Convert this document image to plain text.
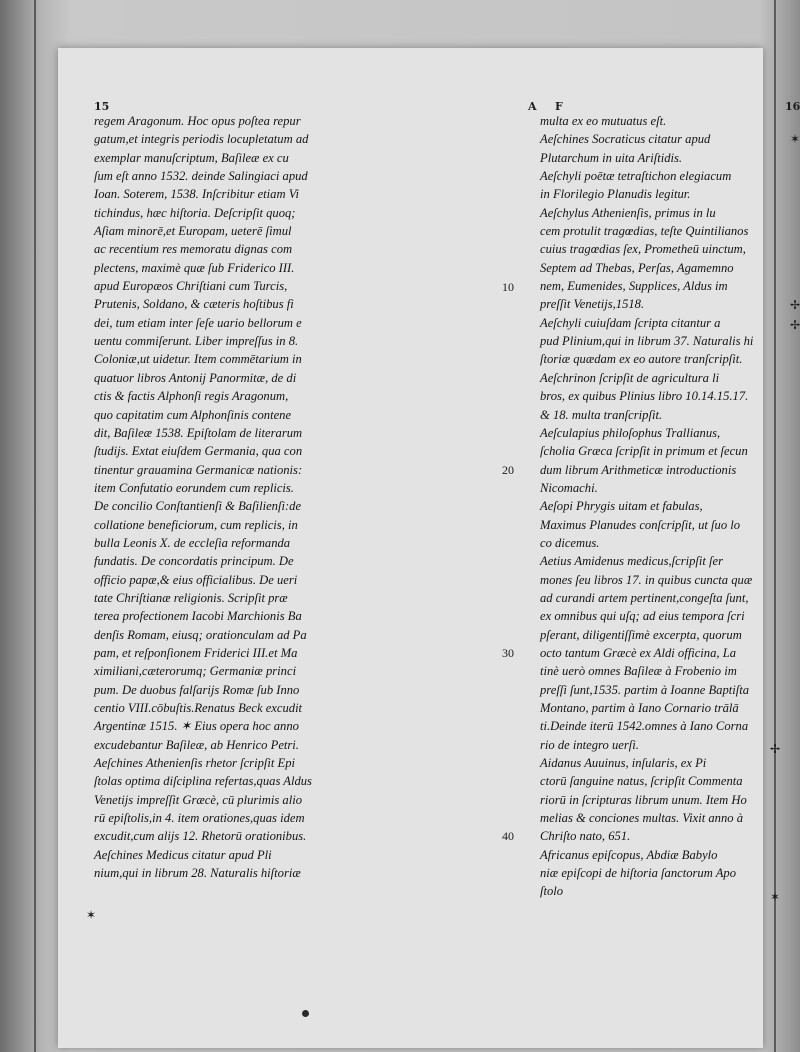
15	A F	16
regem Aragonum. Hoc opus poſtea repur
gatum,et integris periodis locupletatum ad
exemplar manuſcriptum, Baſileæ ex cu
ſum eſt anno 1532. deinde Salingiaci apud
Ioan. Soterem, 1538. Inſcribitur etiam Vi
tichindus, hæc hiſtoria. Deſcripſit quoq;
Aſiam minorē,et Europam, ueterē ſimul
ac recentium res memoratu dignas com
plectens, maximè quæ ſub Friderico III.
apud Europæos Chriſtiani cum Turcis,
Prutenis, Soldano, & cæteris hoſtibus fi
dei, tum etiam inter ſeſe uario bellorum e
uentu commiſerunt. Liber impreſſus in 8.
Coloniæ,ut uidetur. Item commētarium in
quatuor libros Antonij Panormitæ, de di
ctis & factis Alphonſi regis Aragonum,
quo capitatim cum Alphonſinis contene
dit, Baſileæ 1538. Epiſtolam de literarum
ſtudijs. Extat eiuſdem Germania, qua con
tinentur grauamina Germanicæ nationis:
item Confutatio eorundem cum replicis.
De concilio Conſtantienſi & Baſilienſi:de
collatione beneficiorum, cum replicis, in
bulla Leonis X. de eccleſia reformanda
fundatis. De concordatis principum. De
officio papæ,& eius officialibus. De ueri
tate Chriſtianæ religionis. Scripſit præ
terea profectionem Iacobi Marchionis Ba
denſis Romam, eiusq; orationculam ad Pa
pam, et reſponſionem Friderici III.et Ma
ximiliani,cæterorumq; Germaniæ princi
pum. De duobus falſarijs Romæ ſub Inno
centio VIII.cōbuſtis.Renatus Beck excudit
Argentinæ 1515. ✶ Eius opera hoc anno
excudebantur Baſileæ, ab Henrico Petri.
Aeſchines Athenienſis rhetor ſcripſit Epi
ſtolas optima diſciplina refertas,quas Aldus
Venetijs impreſſit Græcè, cū plurimis alio
rū epiſtolis,in 4. item orationes,quas idem
excudit,cum alijs 12. Rhetorū orationibus.
Aeſchines Medicus citatur apud Pli
nium,qui in librum 28. Naturalis hiſtoriæ
multa ex eo mutuatus eſt.
Aeſchines Socraticus citatur apud
Plutarchum in uita Ariſtidis.
Aeſchyli poētæ tetraſtichon elegiacum
in Florilegio Planudis legitur.
Aeſchylus Athenienſis, primus in lu
cem protulit tragœdias, teſte Quintilianos
cuius tragœdias ſex, Prometheū uinctum,
Septem ad Thebas, Perſas, Agamemno
nem, Eumenides, Supplices, Aldus im
preſſit Venetijs,1518.
Aeſchyli cuiuſdam ſcripta citantur a
pud Plinium,qui in librum 37. Naturalis hi
ſtoriæ quædam ex eo autore tranſcripſit.
Aeſchrinon ſcripſit de agricultura li
bros, ex quibus Plinius libro 10.14.15.17.
& 18. multa tranſcripſit.
Aeſculapius philoſophus Trallianus,
ſcholia Græca ſcripſit in primum et ſecun
dum librum Arithmeticæ introductionis
Nicomachi.
Aeſopi Phrygis uitam et fabulas,
Maximus Planudes conſcripſit, ut ſuo lo
co dicemus.
Aetius Amidenus medicus,ſcripſit ſer
mones ſeu libros 17. in quibus cuncta quæ
ad curandi artem pertinent,congeſta ſunt,
ex omnibus qui uſq; ad eius tempora ſcri
pſerant, diligentiſſimè excerpta, quorum
octo tantum Græcè ex Aldi officina, La
tinè uerò omnes Baſileæ à Frobenio im
preſſi ſunt,1535. partim à Ioanne Baptiſta
Montano, partim à Iano Cornario trālā
ti.Deinde iterū 1542.omnes à Iano Corna
rio de integro uerſi.
Aidanus Auuinus, inſularis, ex Pi
ctorū ſanguine natus, ſcripſit Commenta
riorū in ſcripturas librum unum. Item Ho
melias & conciones multas. Vixit anno à
Chriſto nato, 651.
Africanus epiſcopus, Abdiæ Babylo
niæ epiſcopi de hiſtoria ſanctorum Apo
ſtolo
10
20
30
40
✶
✢
✢
✢
✶
✶
